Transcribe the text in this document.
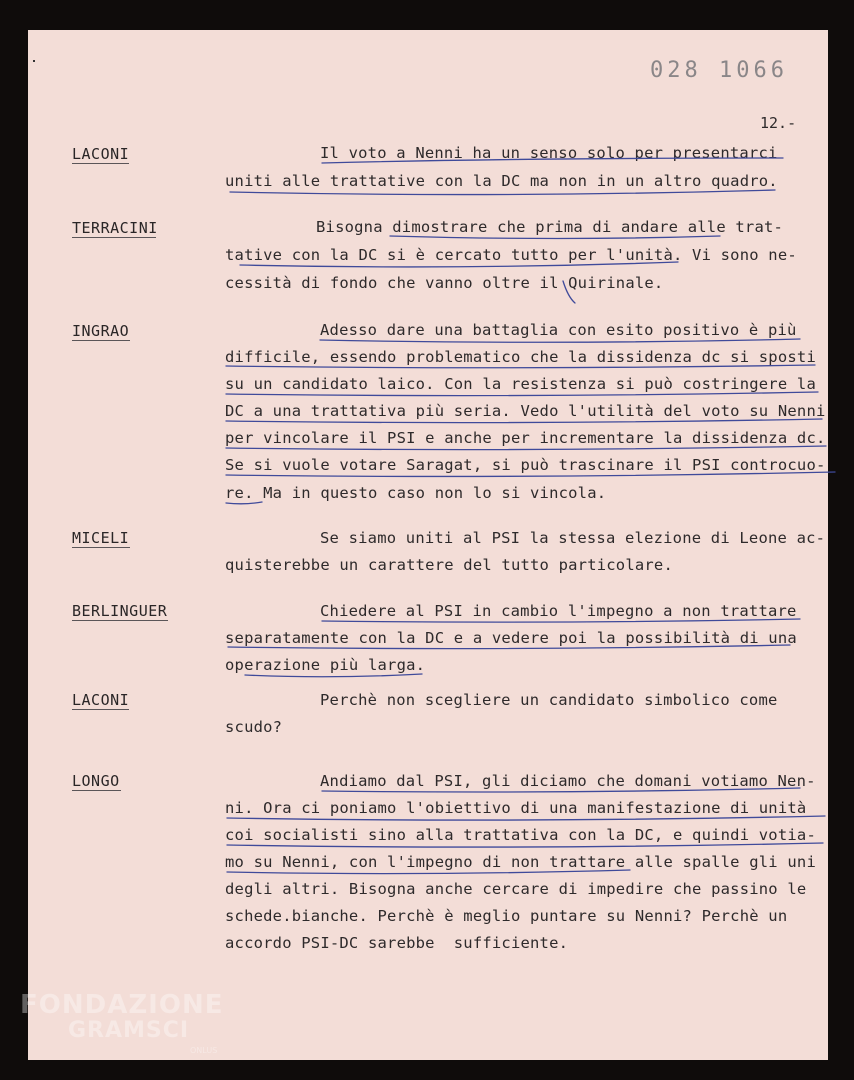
028 1066
12.-
LACONI
TERRACINI
INGRAO
MICELI
BERLINGUER
LACONI
LONGO
Il voto a Nenni ha un senso solo per presentarci
uniti alle trattative con la DC ma non in un altro quadro.
Bisogna dimostrare che prima di andare alle trat-
tative con la DC si è cercato tutto per l'unità. Vi sono ne-
cessità di fondo che vanno oltre il Quirinale.
Adesso dare una battaglia con esito positivo è più
difficile, essendo problematico che la dissidenza dc si sposti
su un candidato laico. Con la resistenza si può costringere la
DC a una trattativa più seria. Vedo l'utilità del voto su Nenni
per vincolare il PSI e anche per incrementare la dissidenza dc.
Se si vuole votare Saragat, si può trascinare il PSI controcuo-
re. Ma in questo caso non lo si vincola.
Se siamo uniti al PSI la stessa elezione di Leone ac-
quisterebbe un carattere del tutto particolare.
Chiedere al PSI in cambio l'impegno a non trattare
separatamente con la DC e a vedere poi la possibilità di una
operazione più larga.
Perchè non scegliere un candidato simbolico come
scudo?
Andiamo dal PSI, gli diciamo che domani votiamo Nen-
ni. Ora ci poniamo l'obiettivo di una manifestazione di unità
coi socialisti sino alla trattativa con la DC, e quindi votia-
mo su Nenni, con l'impegno di non trattare alle spalle gli uni
degli altri. Bisogna anche cercare di impedire che passino le
schede.bianche. Perchè è meglio puntare su Nenni? Perchè un
accordo PSI-DC sarebbe  sufficiente.
FONDAZIONE
GRAMSCI
ONLUS
